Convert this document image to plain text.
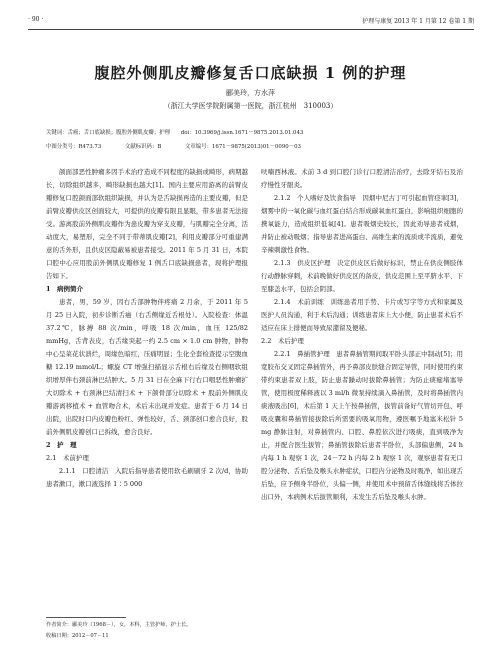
· 90 ·	护理与康复 2013 年 1 月第 12 卷第 1 期
腹腔外侧肌皮瓣修复舌口底缺损 1 例的护理
郦美玲，方水萍
（浙江大学医学院附属第一医院，浙江杭州　310003）
关键词：舌癌；舌口底缺损；腹腔外侧肌皮瓣；护理　　doi：10.3969/j.issn.1671－9875.2013.01.043
中图分类号：R473.73	文献标识码：B	文章编号：1671－9875(2013)01－0090－03

颌面部恶性肿瘤多因手术治疗造成不同程度的缺损或畸形，病期越长，切除组织越多，畸形缺损也越大[1]。国内主要应用游离的前臂皮瓣修复口腔颌面部软组织缺损，并认为是舌缺损再造的主要皮瓣，但是前臂皮瓣供皮区创面较大，可提供的皮瓣有限且显眼，带多患者无法接受。游离股前外侧肌皮瓣作为患皮瓣为穿支皮瓣，与肌瓣完全分离，活动度大，易塑形，完全不同于带蒂肌皮瓣[2]，利用皮瓣部分可重建满意的舌外形，且供皮区隐蔽易被患者接受。2011 年 5 月 31 日，本院口腔中心应用股前外侧肌皮瓣修复 1 例舌口底缺损患者，现将护理报告如下。

1　病例简介

患者，男，59 岁，因右舌部肿物伴疼痛 2 月余，于 2011 年 5 月 25 日入院，初步诊断舌癌（右舌侧缘近舌根处）。入院检查：体温 37.2℃，脉搏 88 次/min，呼吸 18 次/min，血压 125/82 mmHg，舌背表皮，右舌缘突起一约 2.5 cm × 1.0 cm 肿物，肿物中心呈菜花状溃烂，周缘色暗红，压痛明显；生化全套检查提示空腹血糖 12.19 mmol/L；螺旋 CT 增强扫描显示舌根右后缘及右侧咽软组织增厚伴右颈前淋巴结肿大。5 月 31 日在全麻下行右口咽恶性肿瘤扩大切除术 + 右颈淋巴结清扫术 + 下颌骨部分切除术 + 股前外侧肌皮瓣游离移植术 + 血管吻合术，术后未出现并发症。患者于 6 月 14 日出院，出院时口内皮瓣色粉红、弹性较好，舌、颈部创口愈合良好，股前外侧肌皮瓣创口已拆线，愈合良好。

2　护　理

2.1　术前护理

2.1.1　口腔清洁　入院后指导患者使用软毛刷刷牙 2 次/d，协助患者漱口，漱口液选择 1∶5 000

呋喃西林液。术前 3 d 到口腔门诊行口腔清洁治疗，去除牙结石及治疗慢性牙龈炎。

2.1.2　个人嗜好及饮食指导　因烟中尼古丁可引起血管痉挛[3]，烟雾中的一氧化碳与血红蛋白结合形成碳氧血红蛋白，影响组织细胞的携氧能力，造成组织低氧[4]。患者吸烟史较长，因此劝导患者戒烟，并防止被动吸烟；指导患者进高蛋白、高维生素的流质或半流质，避免辛辣刺激性食物。

2.1.3　供皮区护理　决定供皮区后做好标识，禁止在供皮侧肢体行动静脉穿刺，术前晚做好供皮区的备皮，供皮范围上至平脐水平、下至膝盖水平，包括会阴部。

2.1.4　术前训练　训练患者用手势、卡片或写字等方式和家属及医护人员沟通，利于术后沟通；训练患者床上大小便，防止患者术后不适应在床上排便而导致尿潴留及便秘。

2.2　术后护理

2.2.1　鼻插管护理　患者鼻插管期间取平卧头部正中制动[5]；用宽胶布交叉固定鼻插管外，再予鼻部皮肤缝合固定导管，同时使用约束带约束患者双上肢，防止患者躁动时拔除鼻插管；为防止痰痂堵塞导管，使用极度稀释液以 3 ml/h 微泵持续滴入鼻插管，及时将鼻插管内痰液吸出[6]，术后第 1 天上午按鼻插管，拔管前备好气管切开包、呼吸皮囊和鼻插管接拔除后所需要的吸氧用物，遵医嘱予地塞米松针 5 mg 静脉注射，对鼻插管内、口腔、鼻腔依次进行吸痰，直到吸净为止，并配合医生拔管；鼻插管拔除后患者半卧位，头部偏患侧，24 h 内每 1 h 观察 1 次，24－72 h 内每 2 h 观察 1 次，观察患者有无口腔分泌物、舌后坠及喉头水肿症状，口腔内分泌物及时吸净，如出现舌后坠，应予侧身半卧位，头偏一侧，并使用术中预留舌体缝线将舌体拉出口外，本病例术后拔管顺利，未发生舌后坠及喉头水肿。

作者简介：郦美玲（1968－），女，本科，主管护师，护士长。
收稿日期：2012－07－11
